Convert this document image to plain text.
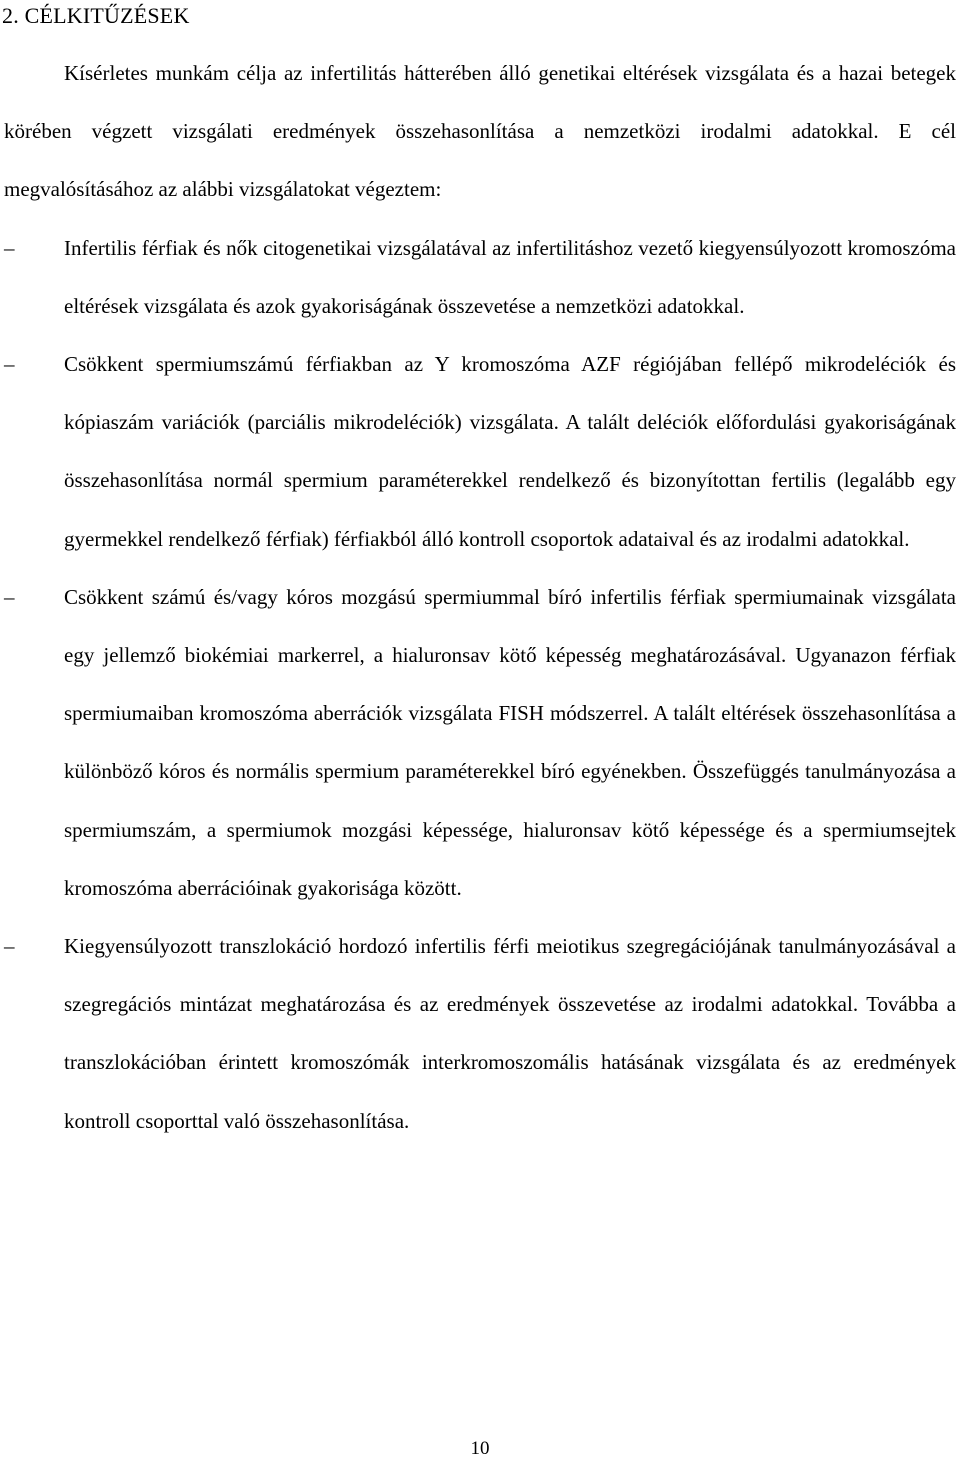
2. CÉLKITŰZÉSEK

Kísérletes munkám célja az infertilitás hátterében álló genetikai eltérések vizsgálata és a hazai betegek körében végzett vizsgálati eredmények összehasonlítása a nemzetközi irodalmi adatokkal. E cél megvalósításához az alábbi vizsgálatokat végeztem:

–	Infertilis férfiak és nők citogenetikai vizsgálatával az infertilitáshoz vezető kiegyensúlyozott kromoszóma eltérések vizsgálata és azok gyakoriságának összevetése a nemzetközi adatokkal.
–	Csökkent spermiumszámú férfiakban az Y kromoszóma AZF régiójában fellépő mikrodeléciók és kópiaszám variációk (parciális mikrodeléciók) vizsgálata. A talált deléciók előfordulási gyakoriságának összehasonlítása normál spermium paraméterekkel rendelkező és bizonyítottan fertilis (legalább egy gyermekkel rendelkező férfiak) férfiakból álló kontroll csoportok adataival és az irodalmi adatokkal.
–	Csökkent számú és/vagy kóros mozgású spermiummal bíró infertilis férfiak spermiumainak vizsgálata egy jellemző biokémiai markerrel, a hialuronsav kötő képesség meghatározásával. Ugyanazon férfiak spermiumaiban kromoszóma aberrációk vizsgálata FISH módszerrel. A talált eltérések összehasonlítása a különböző kóros és normális spermium paraméterekkel bíró egyénekben. Összefüggés tanulmányozása a spermiumszám, a spermiumok mozgási képessége, hialuronsav kötő képessége és a spermiumsejtek kromoszóma aberrációinak gyakorisága között.
–	Kiegyensúlyozott transzlokáció hordozó infertilis férfi meiotikus szegregációjának tanulmányozásával a szegregációs mintázat meghatározása és az eredmények összevetése az irodalmi adatokkal. Továbba a transzlokációban érintett kromoszómák interkromoszomális hatásának vizsgálata és az eredmények kontroll csoporttal való összehasonlítása.
10
